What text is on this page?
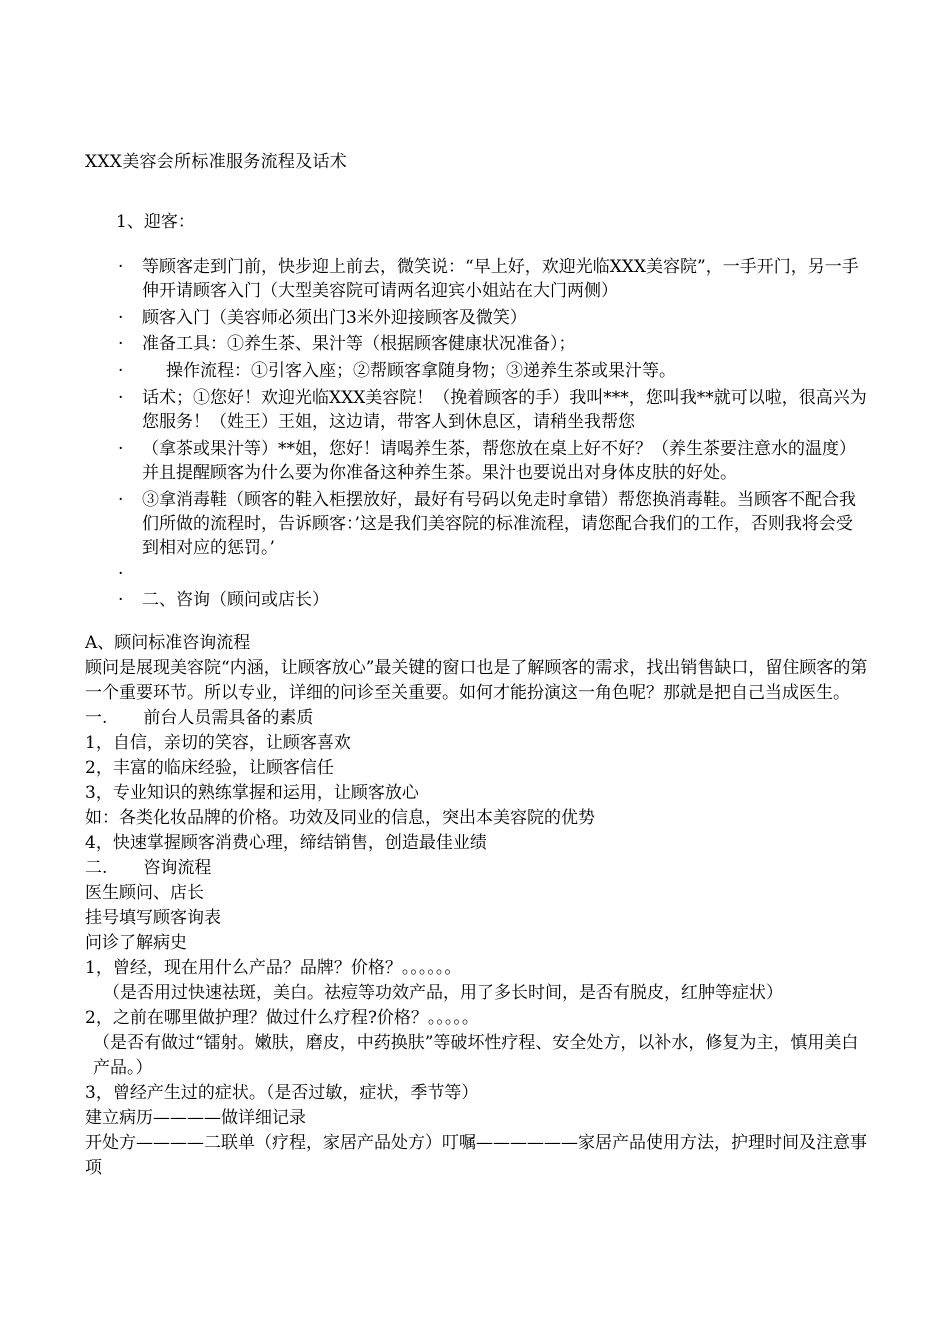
XXX美容会所标准服务流程及话术
1、迎客：
·	等顾客走到门前，快步迎上前去，微笑说：“早上好，欢迎光临XXX美容院”，一手开门，另一手伸开请顾客入门（大型美容院可请两名迎宾小姐站在大门两侧）
·	顾客入门（美容师必须出门3米外迎接顾客及微笑）
·	准备工具：①养生茶、果汁等（根据顾客健康状况准备）；
·	操作流程：①引客入座；②帮顾客拿随身物；③递养生茶或果汁等。
·	话术；①您好！欢迎光临XXX美容院！（挽着顾客的手）我叫***，您叫我**就可以啦，很高兴为您服务！（姓王）王姐，这边请，带客人到休息区，请稍坐我帮您
·	（拿茶或果汁等）**姐，您好！请喝养生茶，帮您放在桌上好不好？（养生茶要注意水的温度）并且提醒顾客为什么要为你准备这种养生茶。果汁也要说出对身体皮肤的好处。
·	③拿消毒鞋（顾客的鞋入柜摆放好，最好有号码以免走时拿错）帮您换消毒鞋。当顾客不配合我们所做的流程时，告诉顾客：’这是我们美容院的标准流程，请您配合我们的工作，否则我将会受到相对应的惩罚。’
·
·	二、咨询（顾问或店长）

A、顾问标准咨询流程

顾问是展现美容院“内涵，让顾客放心”最关键的窗口也是了解顾客的需求，找出销售缺口，留住顾客的第一个重要环节。所以专业，详细的问诊至关重要。如何才能扮演这一角色呢？那就是把自己当成医生。

一. 前台人员需具备的素质

1，自信，亲切的笑容，让顾客喜欢

2，丰富的临床经验，让顾客信任

3，专业知识的熟练掌握和运用，让顾客放心

如：各类化妆品牌的价格。功效及同业的信息，突出本美容院的优势

4，快速掌握顾客消费心理，缔结销售，创造最佳业绩

二. 咨询流程

医生顾问、店长

挂号填写顾客询表

问诊了解病史

1，曾经，现在用什么产品？品牌？价格？。。。。。。

（是否用过快速祛斑，美白。祛痘等功效产品，用了多长时间，是否有脱皮，红肿等症状）

2，之前在哪里做护理？做过什么疗程?价格？。。。。。

（是否有做过“镭射。嫩肤，磨皮，中药换肤”等破坏性疗程、安全处方，以补水，修复为主，慎用美白产品。）

3，曾经产生过的症状。（是否过敏，症状，季节等）

建立病历————做详细记录

开处方————二联单（疗程，家居产品处方）叮嘱——————家居产品使用方法，护理时间及注意事项
